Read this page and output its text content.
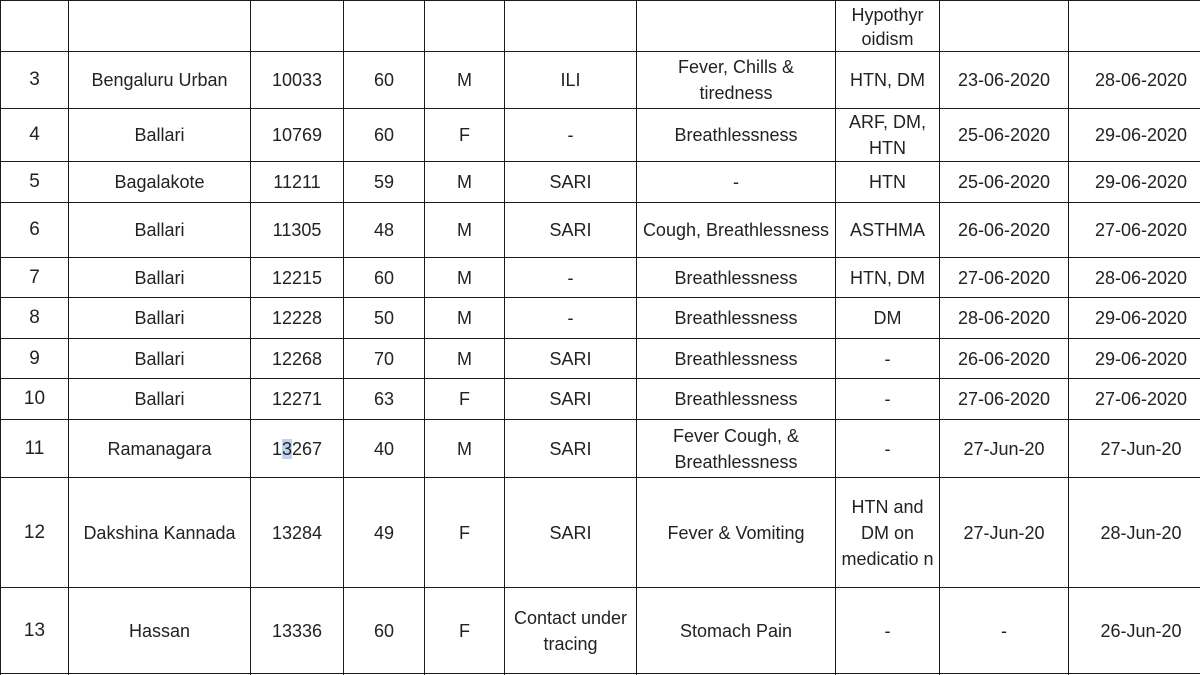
							Hypothyr oidism		
3	Bengaluru Urban	10033	60	M	ILI	Fever, Chills & tiredness	HTN, DM	23-06-2020	28-06-2020
4	Ballari	10769	60	F	-	Breathlessness	ARF, DM, HTN	25-06-2020	29-06-2020
5	Bagalakote	11211	59	M	SARI	-	HTN	25-06-2020	29-06-2020
6	Ballari	11305	48	M	SARI	Cough, Breathlessness	ASTHMA	26-06-2020	27-06-2020
7	Ballari	12215	60	M	-	Breathlessness	HTN, DM	27-06-2020	28-06-2020
8	Ballari	12228	50	M	-	Breathlessness	DM	28-06-2020	29-06-2020
9	Ballari	12268	70	M	SARI	Breathlessness	-	26-06-2020	29-06-2020
10	Ballari	12271	63	F	SARI	Breathlessness	-	27-06-2020	27-06-2020
11	Ramanagara	13267	40	M	SARI	Fever Cough, & Breathlessness	-	27-Jun-20	27-Jun-20
12	Dakshina Kannada	13284	49	F	SARI	Fever & Vomiting	HTN and DM on medicatio n	27-Jun-20	28-Jun-20
13	Hassan	13336	60	F	Contact under tracing	Stomach Pain	-	-	26-Jun-20
